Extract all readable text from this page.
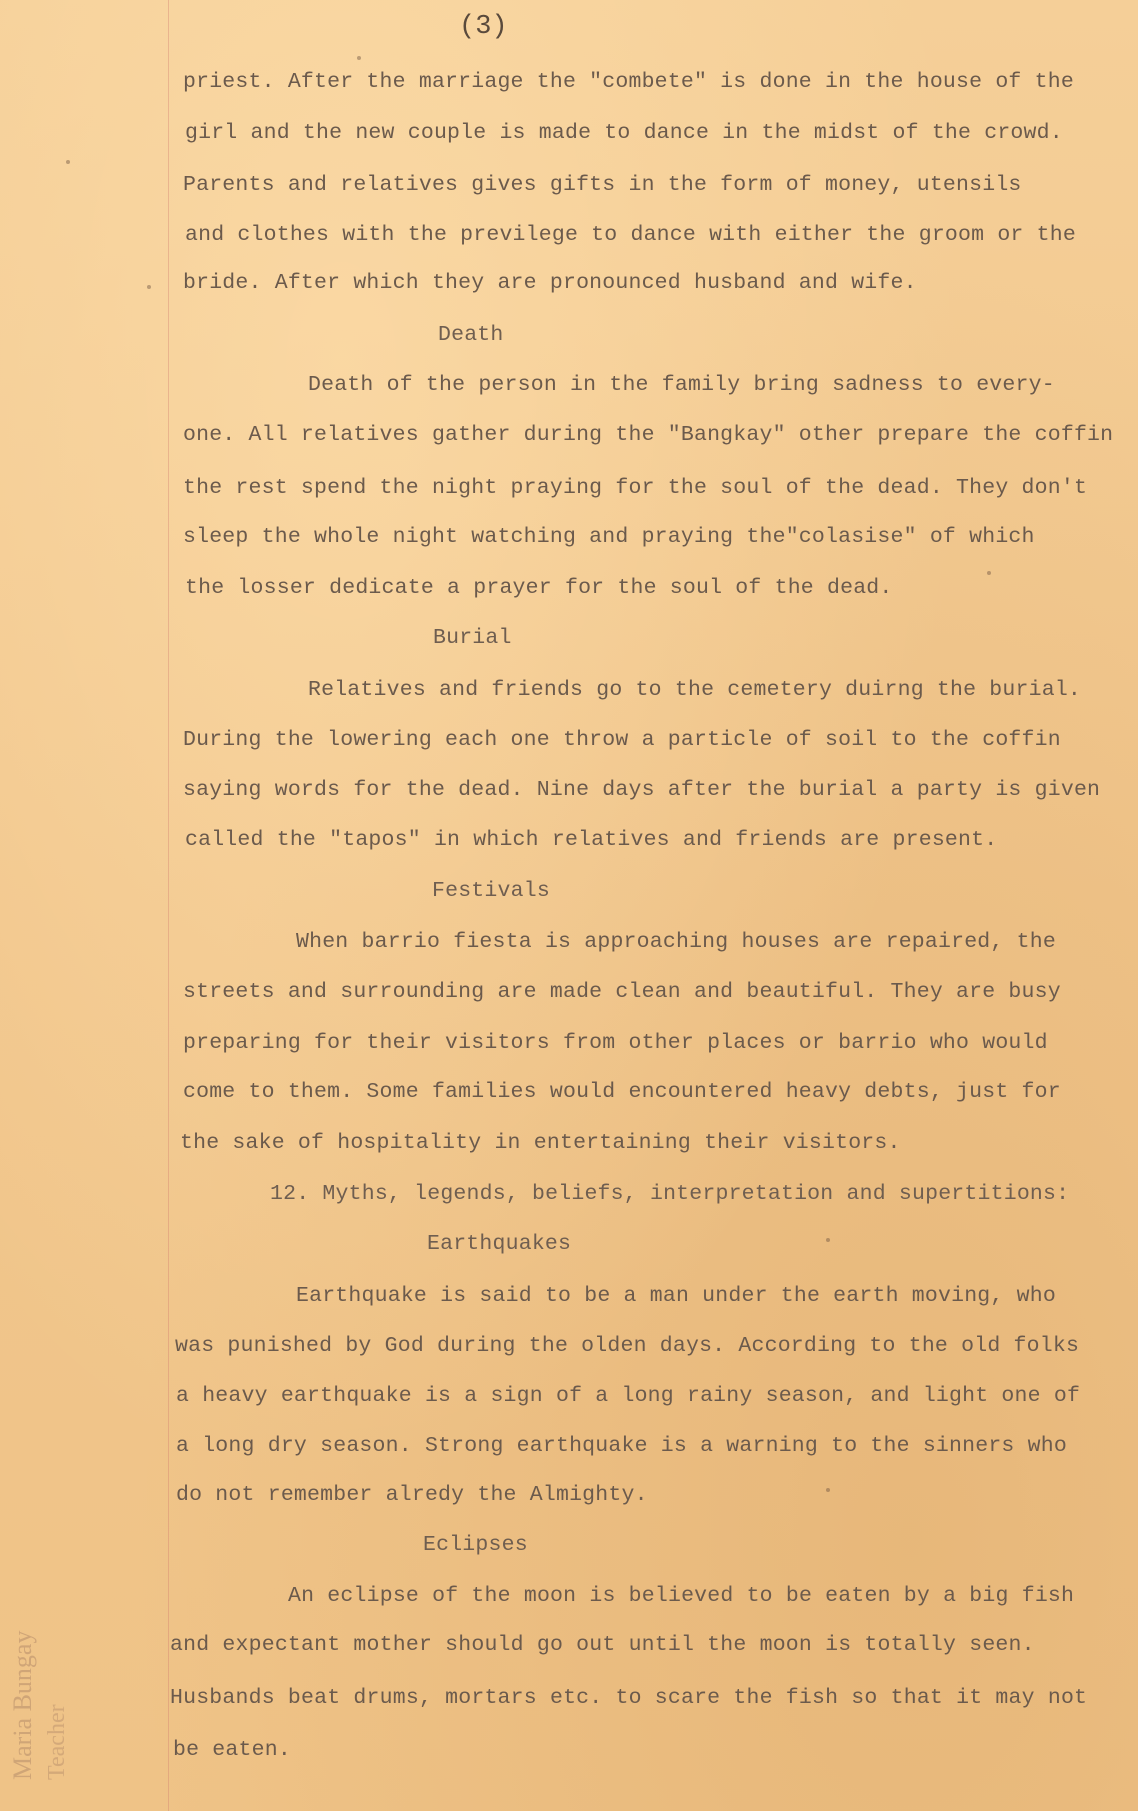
(3)
priest. After the marriage the "combete" is done in the house of the
girl and the new couple is made to dance in the midst of the crowd.
Parents and relatives gives gifts in the form of money, utensils
and clothes with the previlege to dance with either the groom or the
bride. After which they are pronounced husband and wife.
Death
Death of the person in the family bring sadness to every-
one. All relatives gather during the "Bangkay" other prepare the coffin
the rest spend the night praying for the soul of the dead. They don't
sleep the whole night watching and praying the"colasise" of which
the losser dedicate a prayer for the soul of the dead.
Burial
Relatives and friends go to the cemetery duirng the burial.
During the lowering each one throw a particle of soil to the coffin
saying words for the dead. Nine days after the burial a party is given
called the "tapos" in which relatives and friends are present.
Festivals
When barrio fiesta is approaching houses are repaired, the
streets and surrounding are made clean and beautiful. They are busy
preparing for their visitors from other places or barrio who would
come to them. Some families would encountered heavy debts, just for
the sake of hospitality in entertaining their visitors.
12. Myths, legends, beliefs, interpretation and supertitions:
Earthquakes
Earthquake is said to be a man under the earth moving, who
was punished by God during the olden days. According to the old folks
a heavy earthquake is a sign of a long rainy season, and light one of
a long dry season. Strong earthquake is a warning to the sinners who
do not remember alredy the Almighty.
Eclipses
An eclipse of the moon is believed to be eaten by a big fish
and expectant mother should go out until the moon is totally seen.
Husbands beat drums, mortars etc. to scare the fish so that it may not
be eaten.
Maria Bungay Teacher
